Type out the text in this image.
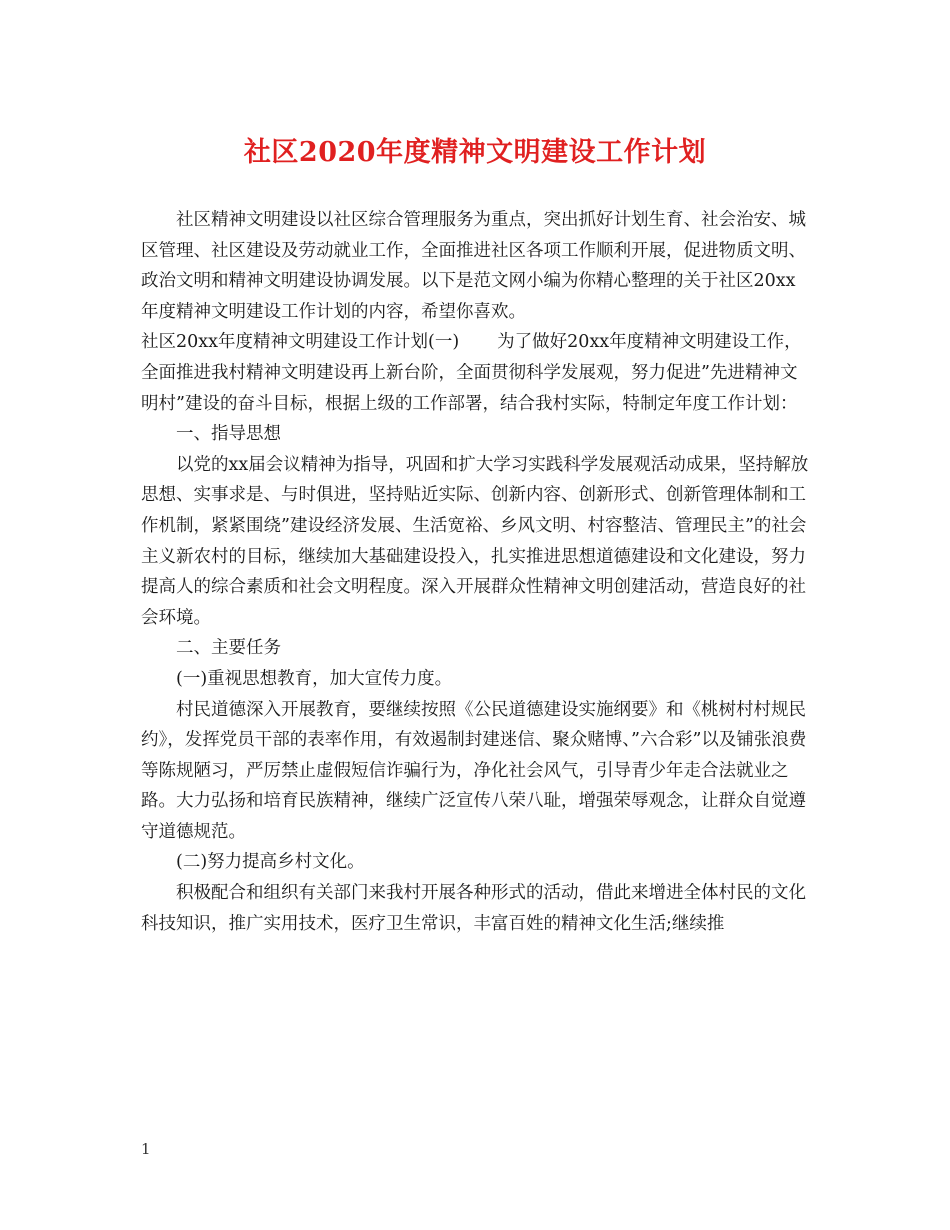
社区2020年度精神文明建设工作计划

社区精神文明建设以社区综合管理服务为重点，突出抓好计划生育、社会治安、城区管理、社区建设及劳动就业工作，全面推进社区各项工作顺利开展，促进物质文明、政治文明和精神文明建设协调发展。以下是范文网小编为你精心整理的关于社区20xx年度精神文明建设工作计划的内容，希望你喜欢。

社区20xx年度精神文明建设工作计划(一) 为了做好20xx年度精神文明建设工作，全面推进我村精神文明建设再上新台阶，全面贯彻科学发展观，努力促进”先进精神文明村”建设的奋斗目标，根据上级的工作部署，结合我村实际，特制定年度工作计划：

一、指导思想

以党的xx届会议精神为指导，巩固和扩大学习实践科学发展观活动成果，坚持解放思想、实事求是、与时俱进，坚持贴近实际、创新内容、创新形式、创新管理体制和工作机制，紧紧围绕”建设经济发展、生活宽裕、乡风文明、村容整洁、管理民主”的社会主义新农村的目标，继续加大基础建设投入，扎实推进思想道德建设和文化建设，努力提高人的综合素质和社会文明程度。深入开展群众性精神文明创建活动，营造良好的社会环境。

二、主要任务

(一)重视思想教育，加大宣传力度。

村民道德深入开展教育，要继续按照《公民道德建设实施纲要》和《桃树村村规民约》，发挥党员干部的表率作用，有效遏制封建迷信、聚众赌博、”六合彩”以及铺张浪费等陈规陋习，严厉禁止虚假短信诈骗行为，净化社会风气，引导青少年走合法就业之路。大力弘扬和培育民族精神，继续广泛宣传八荣八耻，增强荣辱观念，让群众自觉遵守道德规范。

(二)努力提高乡村文化。

积极配合和组织有关部门来我村开展各种形式的活动，借此来增进全体村民的文化科技知识，推广实用技术，医疗卫生常识，丰富百姓的精神文化生活;继续推

1
